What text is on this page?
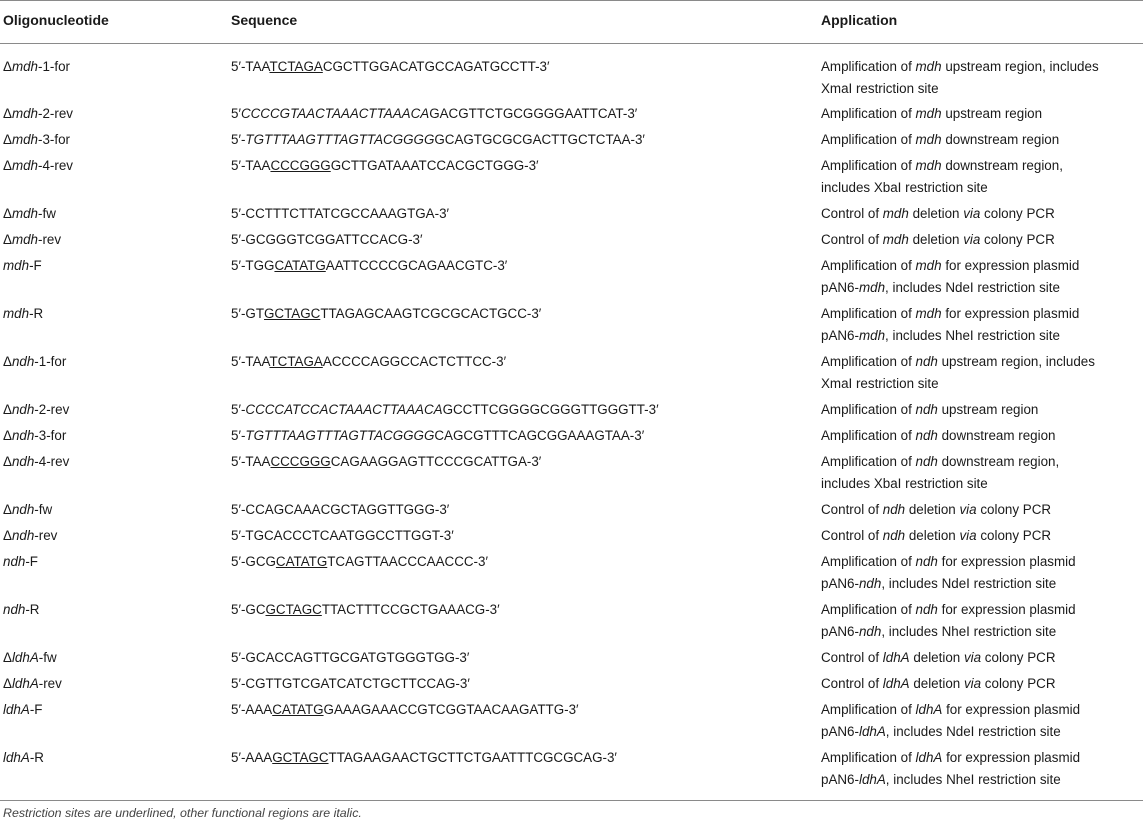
Oligonucleotide	Sequence	Application
Δmdh-1-for	5′-TAATCTAGACGCTTGGACATGCCAGATGCCTT-3′	Amplification of mdh upstream region, includes
XmaI restriction site
Δmdh-2-rev	5′CCCCGTAACTAAACTTAAACAGACGTTCTGCGGGGAATTCAT-3′	Amplification of mdh upstream region
Δmdh-3-for	5′-TGTTTAAGTTTAGTTACGGGGGCAGTGCGCGACTTGCTCTAA-3′	Amplification of mdh downstream region
Δmdh-4-rev	5′-TAACCCGGGGCTTGATAAATCCACGCTGGG-3′	Amplification of mdh downstream region,
includes XbaI restriction site
Δmdh-fw	5′-CCTTTCTTATCGCCAAAGTGA-3′	Control of mdh deletion via colony PCR
Δmdh-rev	5′-GCGGGTCGGATTCCACG-3′	Control of mdh deletion via colony PCR
mdh-F	5′-TGGCATATGAATTCCCCGCAGAACGTC-3′	Amplification of mdh for expression plasmid
pAN6-mdh, includes NdeI restriction site
mdh-R	5′-GTGCTAGCTTAGAGCAAGTCGCGCACTGCC-3′	Amplification of mdh for expression plasmid
pAN6-mdh, includes NheI restriction site
Δndh-1-for	5′-TAATCTAGAACCCCAGGCCACTCTTCC-3′	Amplification of ndh upstream region, includes
XmaI restriction site
Δndh-2-rev	5′-CCCCATCCACTAAACTTAAACAGCCTTCGGGGCGGGTTGGGTT-3′	Amplification of ndh upstream region
Δndh-3-for	5′-TGTTTAAGTTTAGTTACGGGGCAGCGTTTCAGCGGAAAGTAA-3′	Amplification of ndh downstream region
Δndh-4-rev	5′-TAACCCGGGCAGAAGGAGTTCCCGCATTGA-3′	Amplification of ndh downstream region,
includes XbaI restriction site
Δndh-fw	5′-CCAGCAAACGCTAGGTTGGG-3′	Control of ndh deletion via colony PCR
Δndh-rev	5′-TGCACCCTCAATGGCCTTGGT-3′	Control of ndh deletion via colony PCR
ndh-F	5′-GCGCATATGTCAGTTAACCCAACCC-3′	Amplification of ndh for expression plasmid
pAN6-ndh, includes NdeI restriction site
ndh-R	5′-GCGCTAGCTTACTTTCCGCTGAAACG-3′	Amplification of ndh for expression plasmid
pAN6-ndh, includes NheI restriction site
ΔldhA-fw	5′-GCACCAGTTGCGATGTGGGTGG-3′	Control of ldhA deletion via colony PCR
ΔldhA-rev	5′-CGTTGTCGATCATCTGCTTCCAG-3′	Control of ldhA deletion via colony PCR
ldhA-F	5′-AAACATATGGAAAGAAACCGTCGGTAACAAGATTG-3′	Amplification of ldhA for expression plasmid
pAN6-ldhA, includes NdeI restriction site
ldhA-R	5′-AAAGCTAGCTTAGAAGAACTGCTTCTGAATTTCGCGCAG-3′	Amplification of ldhA for expression plasmid
pAN6-ldhA, includes NheI restriction site
Restriction sites are underlined, other functional regions are italic.
